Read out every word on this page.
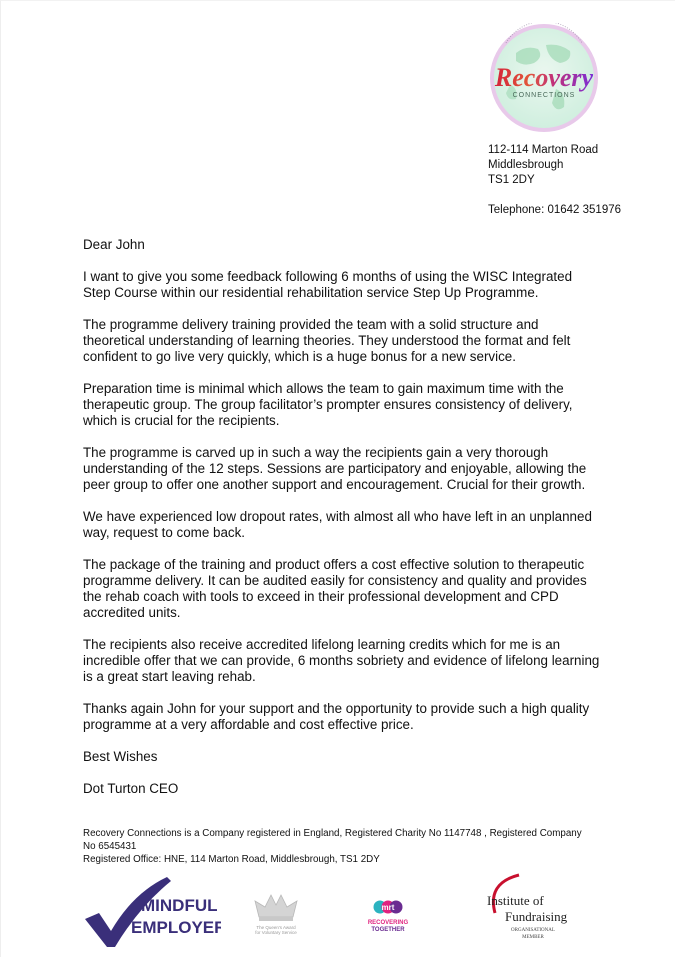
Recovery
CONNECTIONS
112-114 Marton Road
Middlesbrough
TS1 2DY
Telephone: 01642 351976

Dear John

I want to give you some feedback following 6 months of using the WISC Integrated Step Course within our residential rehabilitation service Step Up Programme.

The programme delivery training provided the team with a solid structure and theoretical understanding of learning theories. They understood the format and felt confident to go live very quickly, which is a huge bonus for a new service.

Preparation time is minimal which allows the team to gain maximum time with the therapeutic group. The group facilitator’s prompter ensures consistency of delivery, which is crucial for the recipients.

The programme is carved up in such a way the recipients gain a very thorough understanding of the 12 steps. Sessions are participatory and enjoyable, allowing the peer group to offer one another support and encouragement. Crucial for their growth.

We have experienced low dropout rates, with almost all who have left in an unplanned way, request to come back.

The package of the training and product offers a cost effective solution to therapeutic programme delivery. It can be audited easily for consistency and quality and provides the rehab coach with tools to exceed in their professional development and CPD accredited units.

The recipients also receive accredited lifelong learning credits which for me is an incredible offer that we can provide, 6 months sobriety and evidence of lifelong learning is a great start leaving rehab.

Thanks again John for your support and the opportunity to provide such a high quality programme at a very affordable and cost effective price.

Best Wishes

Dot Turton CEO

Recovery Connections is a Company registered in England, Registered Charity No 1147748 , Registered Company No 6545431
Registered Office: HNE, 114 Marton Road, Middlesbrough, TS1 2DY
MINDFUL
EMPLOYER	The Queen's Award
for Voluntary Service
mrt
RECOVERING
TOGETHER
Institute of
Fundraising
ORGANISATIONAL
MEMBER
